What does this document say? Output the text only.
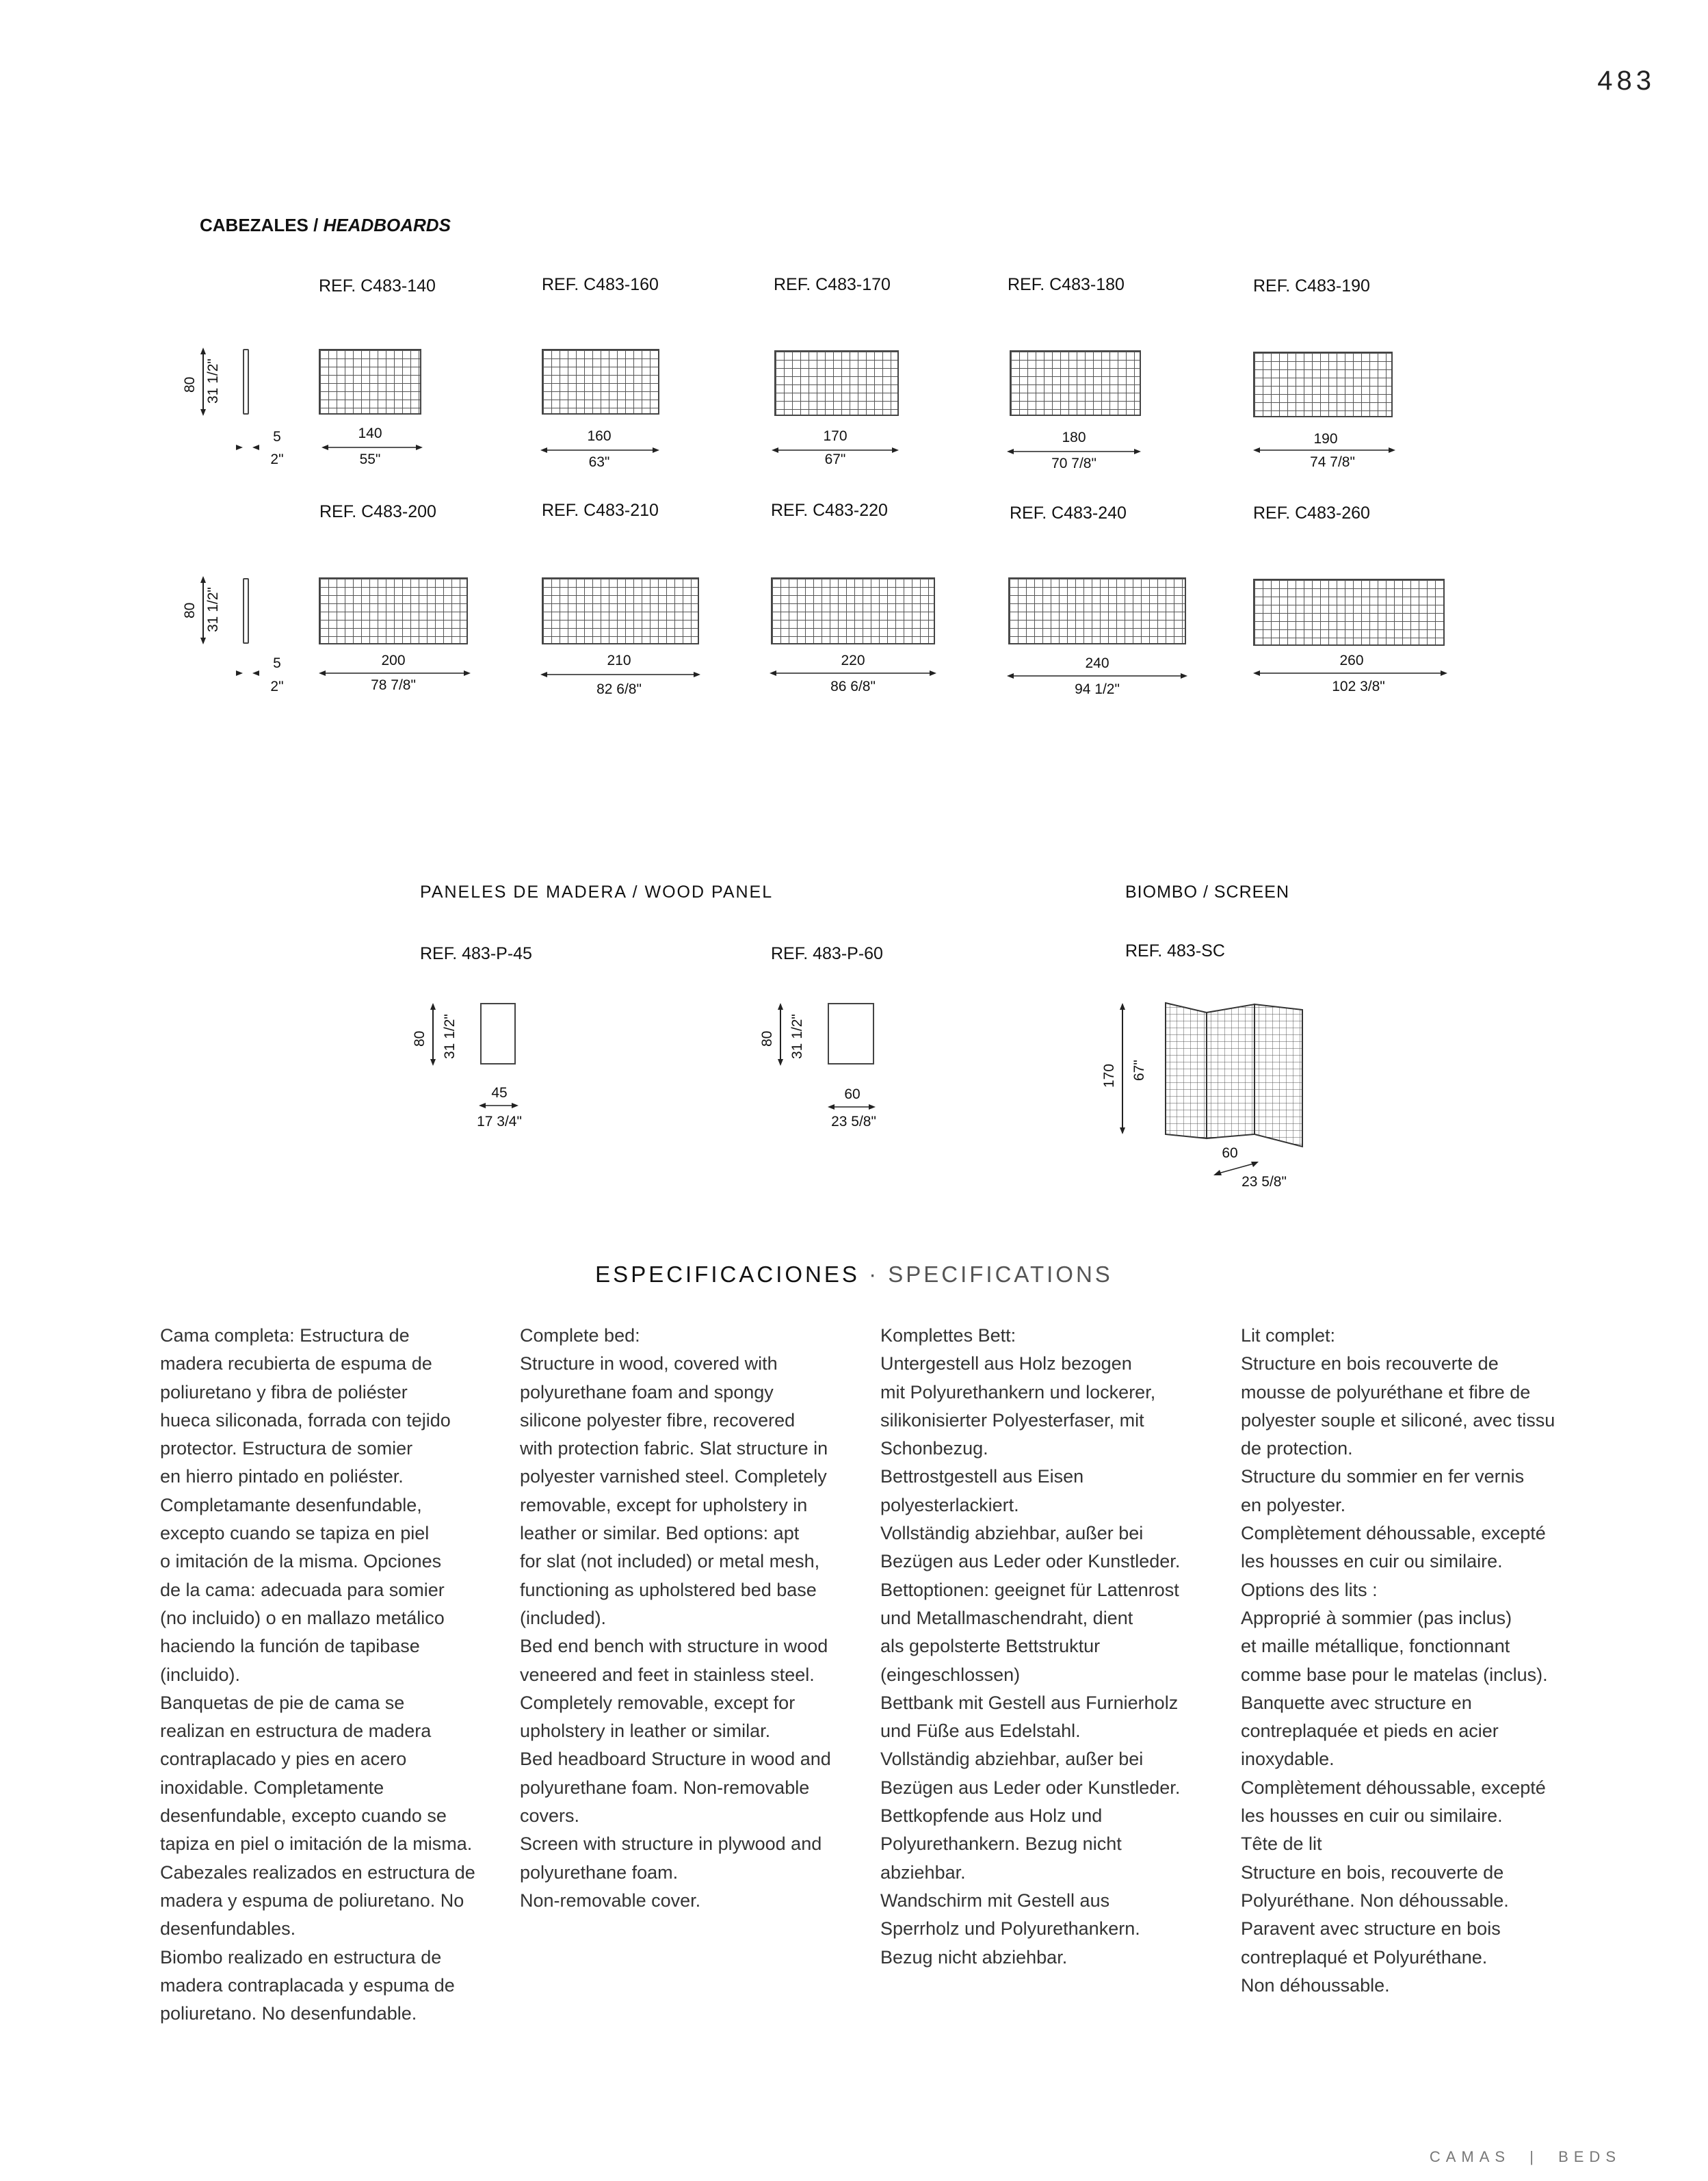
483
CABEZALES / HEADBOARDS
80 31 1/2"
5
2"
REF. C483-140
140
55"
REF. C483-160
160
63"
REF. C483-170
170
67"
REF. C483-180
180
70 7/8"
REF. C483-190
190
74 7/8"
80 31 1/2"
5
2"
REF. C483-200
200
78 7/8"
REF. C483-210
210
82 6/8"
REF. C483-220
220
86 6/8"
REF. C483-240
240
94 1/2"
REF. C483-260
260
102 3/8"
PANELES DE MADERA / WOOD PANEL
REF. 483-P-45
80 31 1/2"
45
17 3/4"
REF. 483-P-60
80 31 1/2"
60
23 5/8"
BIOMBO / SCREEN
REF. 483-SC
170 67"
60
23 5/8"
ESPECIFICACIONES · SPECIFICATIONS
Cama completa: Estructura de
madera recubierta de espuma de
poliuretano y fibra de poliéster
hueca siliconada, forrada con tejido
protector. Estructura de somier
en hierro pintado en poliéster.
Completamante desenfundable,
excepto cuando se tapiza en piel
o imitación de la misma. Opciones
de la cama: adecuada para somier
(no incluido) o en mallazo metálico
haciendo la función de tapibase
(incluido).
Banquetas de pie de cama se
realizan en estructura de madera
contraplacado y pies en acero
inoxidable. Completamente
desenfundable, excepto cuando se
tapiza en piel o imitación de la misma.
Cabezales realizados en estructura de
madera y espuma de poliuretano. No
desenfundables.
Biombo realizado en estructura de
madera contraplacada y espuma de
poliuretano. No desenfundable.
Complete bed:
Structure in wood, covered with
polyurethane foam and spongy
silicone polyester fibre, recovered
with protection fabric. Slat structure in
polyester varnished steel. Completely
removable, except for upholstery in
leather or similar. Bed options: apt
for slat (not included) or metal mesh,
functioning as upholstered bed base
(included).
Bed end bench with structure in wood
veneered and feet in stainless steel.
Completely removable, except for
upholstery in leather or similar.
Bed headboard Structure in wood and
polyurethane foam. Non-removable
covers.
Screen with structure in plywood and
polyurethane foam.
Non-removable cover.
Komplettes Bett:
Untergestell aus Holz bezogen
mit Polyurethankern und lockerer,
silikonisierter Polyesterfaser, mit
Schonbezug.
Bettrostgestell aus Eisen
polyesterlackiert.
Vollständig abziehbar, außer bei
Bezügen aus Leder oder Kunstleder.
Bettoptionen: geeignet für Lattenrost
und Metallmaschendraht, dient
als gepolsterte Bettstruktur
(eingeschlossen)
Bettbank mit Gestell aus Furnierholz
und Füße aus Edelstahl.
Vollständig abziehbar, außer bei
Bezügen aus Leder oder Kunstleder.
Bettkopfende aus Holz und
Polyurethankern. Bezug nicht
abziehbar.
Wandschirm mit Gestell aus
Sperrholz und Polyurethankern.
Bezug nicht abziehbar.
Lit complet:
Structure en bois recouverte de
mousse de polyuréthane et fibre de
polyester souple et siliconé, avec tissu
de protection.
Structure du sommier en fer vernis
en polyester.
Complètement déhoussable, excepté
les housses en cuir ou similaire.
Options des lits :
Approprié à sommier (pas inclus)
et maille métallique, fonctionnant
comme base pour le matelas (inclus).
Banquette avec structure en
contreplaquée et pieds en acier
inoxydable.
Complètement déhoussable, excepté
les housses en cuir ou similaire.
Tête de lit
Structure en bois, recouverte de
Polyuréthane. Non déhoussable.
Paravent avec structure en bois
contreplaqué et Polyuréthane.
Non déhoussable.
CAMAS | BEDS
